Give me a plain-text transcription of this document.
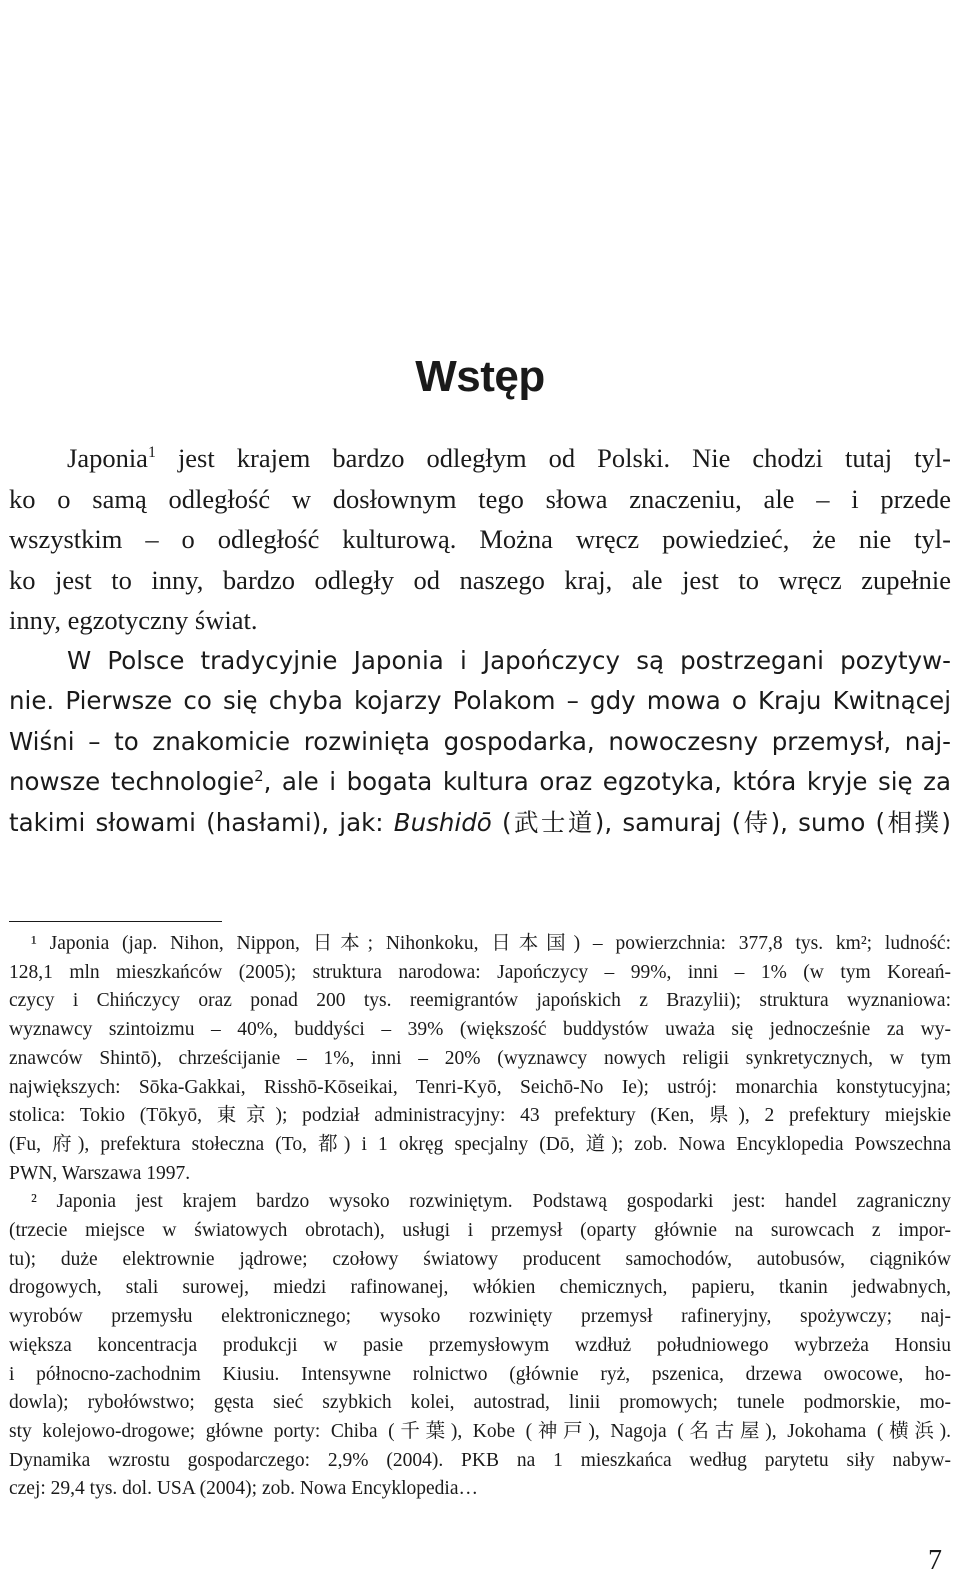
Wstęp
Japonia$^1$ jest krajem bardzo odległym od Polski. Nie chodzi tutaj tyl-
ko o samą odległość w dosłownym tego słowa znaczeniu, ale – i przede
wszystkim – o odległość kulturową. Można wręcz powiedzieć, że nie tyl-
ko jest to inny, bardzo odległy od naszego kraj, ale jest to wręcz zupełnie
inny, egzotyczny świat.
W Polsce tradycyjnie Japonia i Japończycy są postrzegani pozytyw-
nie. Pierwsze co się chyba kojarzy Polakom – gdy mowa o Kraju Kwitnącej
Wiśni – to znakomicie rozwinięta gospodarka, nowoczesny przemysł, naj-
nowsze technologie$^2$, ale i bogata kultura oraz egzotyka, która kryje się za
takimi słowami (hasłami), jak: Bushidō (武士道), samuraj (侍), sumo (相撲)
¹ Japonia (jap. Nihon, Nippon, 日本; Nihonkoku, 日本国) – powierzchnia: 377,8 tys. km²; ludność:
128,1 mln mieszkańców (2005); struktura narodowa: Japończycy – 99%, inni – 1% (w tym Koreań-
czycy i Chińczycy oraz ponad 200 tys. reemigrantów japońskich z Brazylii); struktura wyznaniowa:
wyznawcy szintoizmu – 40%, buddyści – 39% (większość buddystów uważa się jednocześnie za wy-
znawców Shintō), chrześcijanie – 1%, inni – 20% (wyznawcy nowych religii synkretycznych, w tym
największych: Sōka-Gakkai, Risshō-Kōseikai, Tenri-Kyō, Seichō-No Ie); ustrój: monarchia konstytucyjna;
stolica: Tokio (Tōkyō, 東京); podział administracyjny: 43 prefektury (Ken, 県), 2 prefektury miejskie
(Fu, 府), prefektura stołeczna (To, 都) i 1 okręg specjalny (Dō, 道); zob. Nowa Encyklopedia Powszechna
PWN, Warszawa 1997.
² Japonia jest krajem bardzo wysoko rozwiniętym. Podstawą gospodarki jest: handel zagraniczny
(trzecie miejsce w światowych obrotach), usługi i przemysł (oparty głównie na surowcach z impor-
tu); duże elektrownie jądrowe; czołowy światowy producent samochodów, autobusów, ciągników
drogowych, stali surowej, miedzi rafinowanej, włókien chemicznych, papieru, tkanin jedwabnych,
wyrobów przemysłu elektronicznego; wysoko rozwinięty przemysł rafineryjny, spożywczy; naj-
większa koncentracja produkcji w pasie przemysłowym wzdłuż południowego wybrzeża Honsiu
i północno-zachodnim Kiusiu. Intensywne rolnictwo (głównie ryż, pszenica, drzewa owocowe, ho-
dowla); rybołówstwo; gęsta sieć szybkich kolei, autostrad, linii promowych; tunele podmorskie, mo-
sty kolejowo-drogowe; główne porty: Chiba (千葉), Kobe (神戸), Nagoja (名古屋), Jokohama (横浜).
Dynamika wzrostu gospodarczego: 2,9% (2004). PKB na 1 mieszkańca według parytetu siły nabyw-
czej: 29,4 tys. dol. USA (2004); zob. Nowa Encyklopedia…
7
